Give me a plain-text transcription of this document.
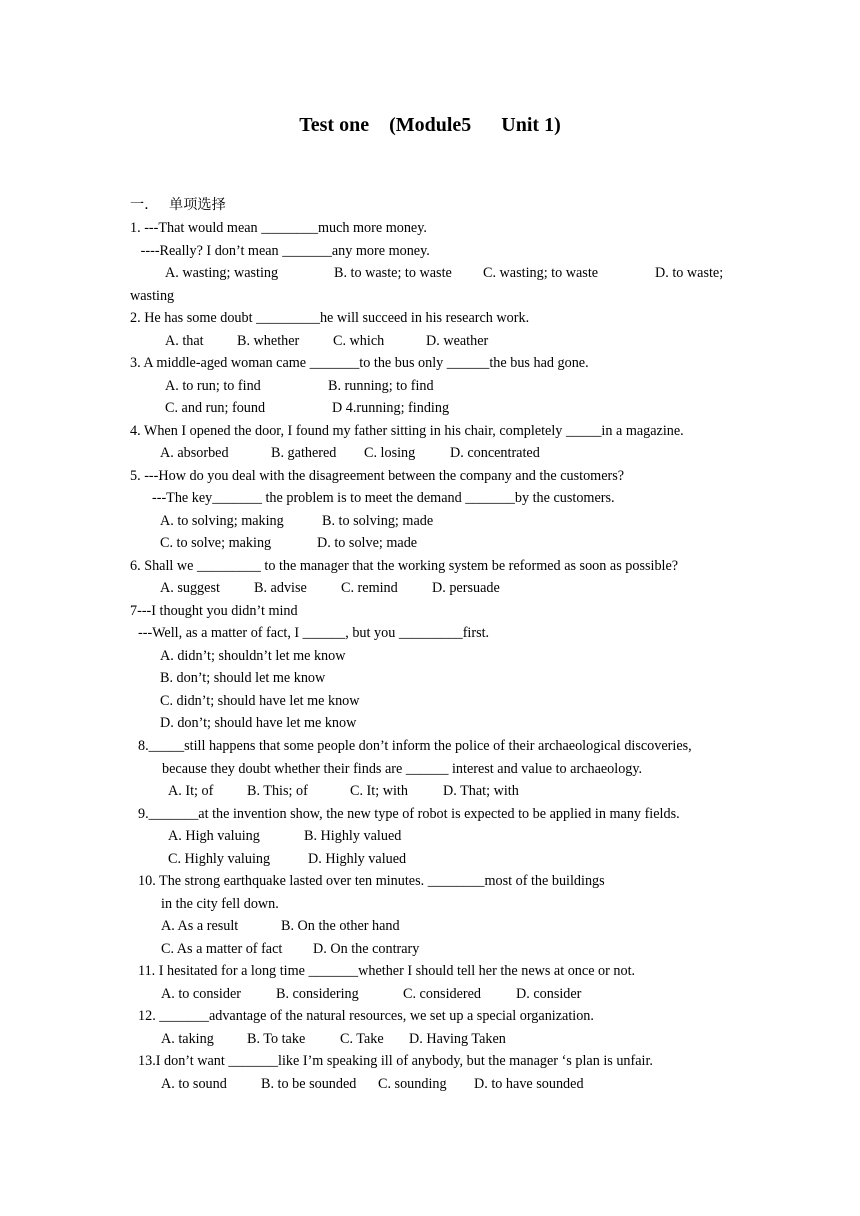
Test one    (Module5      Unit 1)
一．   单项选择
1. ---That would mean ________much more money.
----Really? I don’t mean _______any more money.
A. wasting; wasting	B. to waste; to waste C. wasting; to waste	D. to waste;
wasting
2. He has some doubt _________he will succeed in his research work.
A. that B. whether C. which	D. weather
3. A middle-aged woman came _______to the bus only ______the bus had gone.
A. to run; to find	B. running; to find
C. and run; found	D 4.running; finding
4. When I opened the door, I found my father sitting in his chair, completely _____in a magazine.
A. absorbed	B. gathered C. losing D. concentrated
5. ---How do you deal with the disagreement between the company and the customers?
---The key_______ the problem is to meet the demand _______by the customers.
A. to solving; making	B. to solving; made
C. to solve; making	D. to solve; made
6. Shall we _________ to the manager that the working system be reformed as soon as possible?
A. suggest B. advise C. remind D. persuade
7---I thought you didn’t mind
---Well, as a matter of fact, I ______, but you _________first.
A. didn’t; shouldn’t let me know
B. don’t; should let me know
C. didn’t; should have let me know
D. don’t; should have let me know
8._____still happens that some people don’t inform the police of their archaeological discoveries,
because they doubt whether their finds are ______ interest and value to archaeology.
A. It; of B. This; of	C. It; with D. That; with
9._______at the invention show, the new type of robot is expected to be applied in many fields.
A. High valuing	B. Highly valued
C. Highly valuing	D. Highly valued
10. The strong earthquake lasted over ten minutes. ________most of the buildings
in the city fell down.
A. As a result	B. On the other hand
C. As a matter of fact D. On the contrary
11. I hesitated for a long time _______whether I should tell her the news at once or not.
A. to consider B. considering	C. considered D. consider
12. _______advantage of the natural resources, we set up a special organization.
A. taking B. To take C. Take D. Having Taken
13.I don’t want _______like I’m speaking ill of anybody, but the manager ‘s plan is unfair.
A. to sound B. to be sounded C. sounding D. to have sounded
